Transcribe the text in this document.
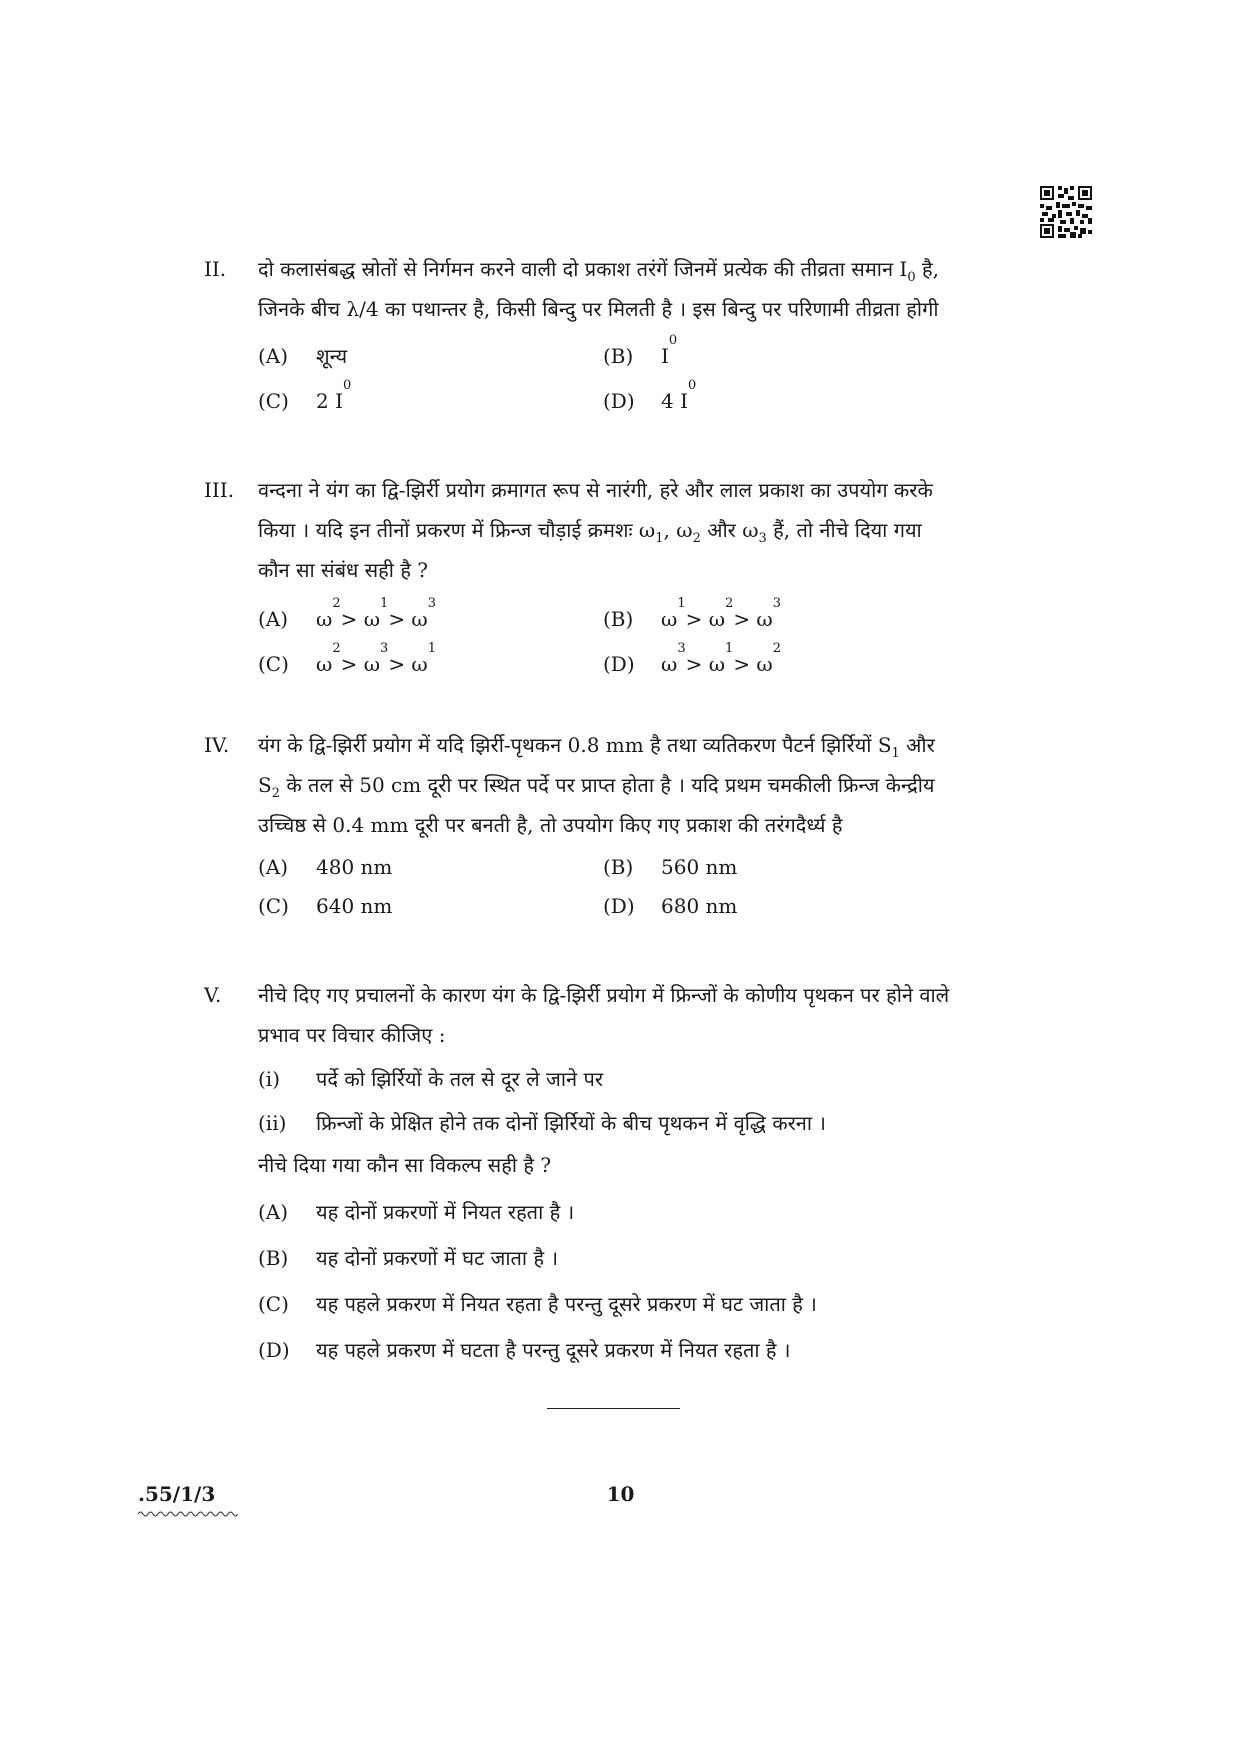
II.	दो कलासंबद्ध स्रोतों से निर्गमन करने वाली दो प्रकाश तरंगें जिनमें प्रत्येक की तीव्रता समान $I_0$ है,
जिनके बीच λ/4 का पथान्तर है, किसी बिन्दु पर मिलती है । इस बिन्दु पर परिणामी तीव्रता होगी
(A)	शून्य	(B)	I
0
(C)	2 I
0
(D)	4 I
0
III.	वन्दना ने यंग का द्वि-झिर्री प्रयोग क्रमागत रूप से नारंगी, हरे और लाल प्रकाश का उपयोग करके
किया । यदि इन तीनों प्रकरण में फ्रिन्ज चौड़ाई क्रमशः $\omega_1$, $\omega_2$ और $\omega_3$ हैं, तो नीचे दिया गया
कौन सा संबंध सही है ?
(A)	ω
2
> ω
1
> ω
3
(B)	ω
1
> ω
2
> ω
3
(C)	ω
2
> ω
3
> ω
1
(D)	ω
3
> ω
1
> ω
2
IV.	यंग के द्वि-झिर्री प्रयोग में यदि झिर्री-पृथकन 0.8 mm है तथा व्यतिकरण पैटर्न झिर्रियों $S_1$ और
$S_2$ के तल से 50 cm दूरी पर स्थित पर्दे पर प्राप्त होता है । यदि प्रथम चमकीली फ्रिन्ज केन्द्रीय
उच्चिष्ठ से 0.4 mm दूरी पर बनती है, तो उपयोग किए गए प्रकाश की तरंगदैर्ध्य है
(A)	480 nm	(B)	560 nm
(C)	640 nm	(D)	680 nm
V.	नीचे दिए गए प्रचालनों के कारण यंग के द्वि-झिर्री प्रयोग में फ्रिन्जों के कोणीय पृथकन पर होने वाले
प्रभाव पर विचार कीजिए :
(i)	पर्दे को झिर्रियों के तल से दूर ले जाने पर
(ii)	फ्रिन्जों के प्रेक्षित होने तक दोनों झिर्रियों के बीच पृथकन में वृद्धि करना ।
नीचे दिया गया कौन सा विकल्प सही है ?
(A)	यह दोनों प्रकरणों में नियत रहता है ।
(B)	यह दोनों प्रकरणों में घट जाता है ।
(C)	यह पहले प्रकरण में नियत रहता है परन्तु दूसरे प्रकरण में घट जाता है ।
(D)	यह पहले प्रकरण में घटता है परन्तु दूसरे प्रकरण में नियत रहता है ।
.55/1/3	10
